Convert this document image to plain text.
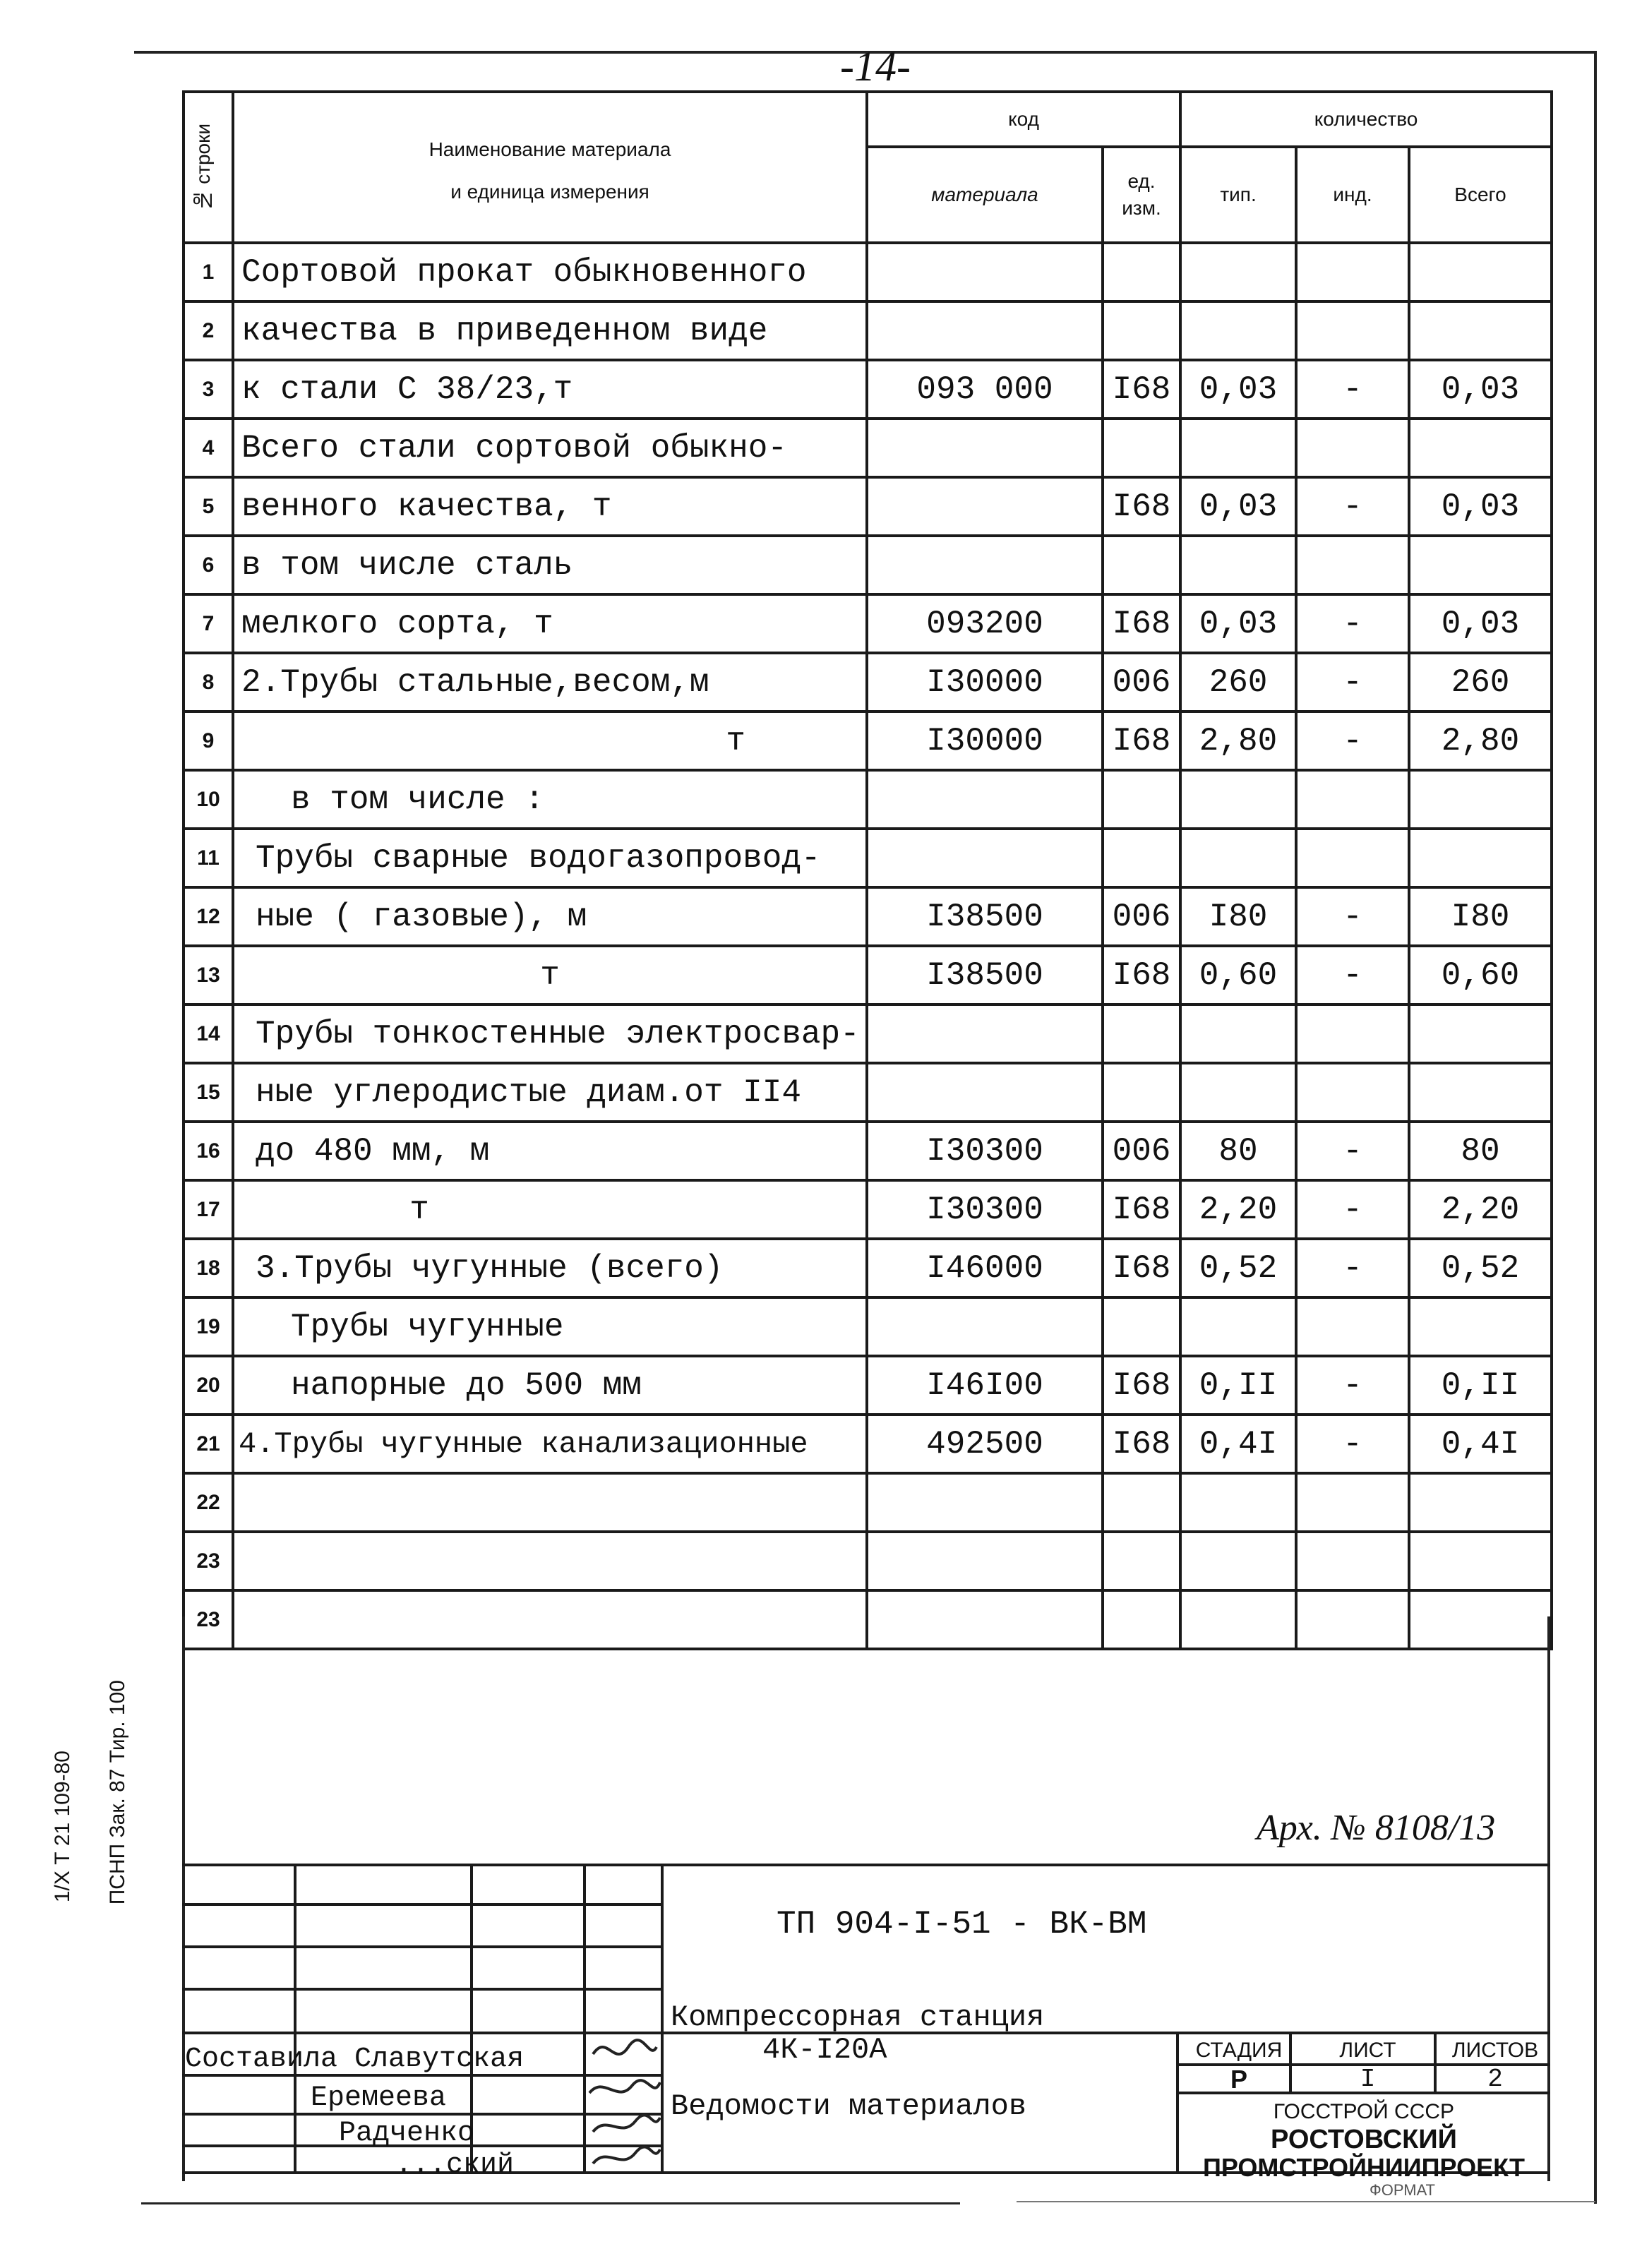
-14-
№ строки	Наименование материала
и единица измерения	код		количество		
		материала	ед. изм.	тип.	инд.	Всего
1	Сортовой прокат обыкновенного					
2	качества в приведенном виде					
3	к стали С 38/23,т	093 000	I68	0,03	-	0,03
4	Всего стали сортовой обыкно-					
5	венного качества, т		I68	0,03	-	0,03
6	в том числе сталь					
7	мелкого сорта, т	093200	I68	0,03	-	0,03
8	2.Трубы стальные,весом,м	I30000	006	260	-	260
9	т	I30000	I68	2,80	-	2,80
10	в том числе :					
11	Трубы сварные водогазопровод-					
12	ные ( газовые), м	I38500	006	I80	-	I80
13	т	I38500	I68	0,60	-	0,60
14	Трубы тонкостенные электросвар-					
15	ные углеродистые диам.от II4					
16	до 480 мм, м	I30300	006	80	-	80
17	т	I30300	I68	2,20	-	2,20
18	3.Трубы чугунные (всего)	I46000	I68	0,52	-	0,52
19	Трубы чугунные					
20	напорные до 500 мм	I46I00	I68	0,II	-	0,II
21	4.Трубы чугунные канализационные	492500	I68	0,4I	-	0,4I
22						
23						
23						
Арх. № 8108/13
ТП 904-I-51 - ВК-ВМ
Компрессорная станция
4К-I20А
Ведомости материалов
СТАДИЯ	ЛИСТ	ЛИСТОВ
Р	I	2
ГОССТРОЙ СССР
РОСТОВСКИЙ
ПРОМСТРОЙНИИПРОЕКТ
ФОРМАТ
Составила Славутская
Еремеева
Радченко
...ский
1/Х Т 21 109-80 ПСНП Зак. 87 Тир. 100
